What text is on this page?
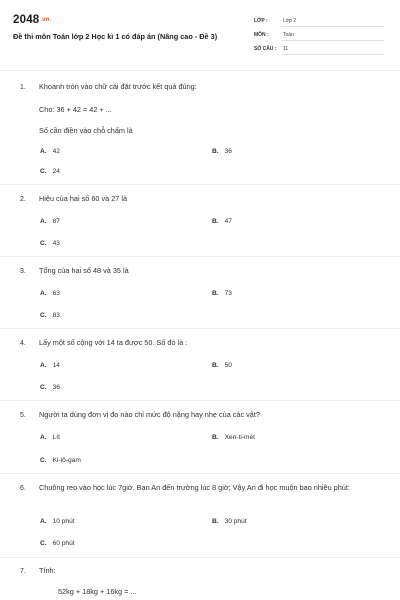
2048.vn
Đề thi môn Toán lớp 2 Học kì 1 có đáp án (Nâng cao - Đề 3)
LỚP :	Lớp 2
MÔN :	Toán
SỐ CÂU : 11
1. Khoanh tròn vào chữ cái đặt trước kết quả đúng:
Cho: 36 + 42 = 42 + ...
Số cần điền vào chỗ chấm là
A. 42	B. 36
C. 24
2. Hiệu của hai số 60 và 27 là
A. 87	B. 47
C. 43
3. Tổng của hai số 48 và 35 là
A. 63	B. 73
C. 83
4. Lấy một số cộng với 14 ta được 50. Số đó là :
A. 14	B. 50
C. 36
5. Người ta dùng đơn vị đo nào chỉ mức độ nặng hay nhẹ của các vật?
A. Lít	B. Xen-ti-mét
C. Ki-lô-gam
6. Chuông reo vào học lúc 7giờ. Bạn An đến trường lúc 8 giờ; Vậy An đi học muộn bao nhiêu phút:
A. 10 phút	B. 30 phút
C. 60 phút
7. Tính:
52kg + 18kg + 16kg = ...
